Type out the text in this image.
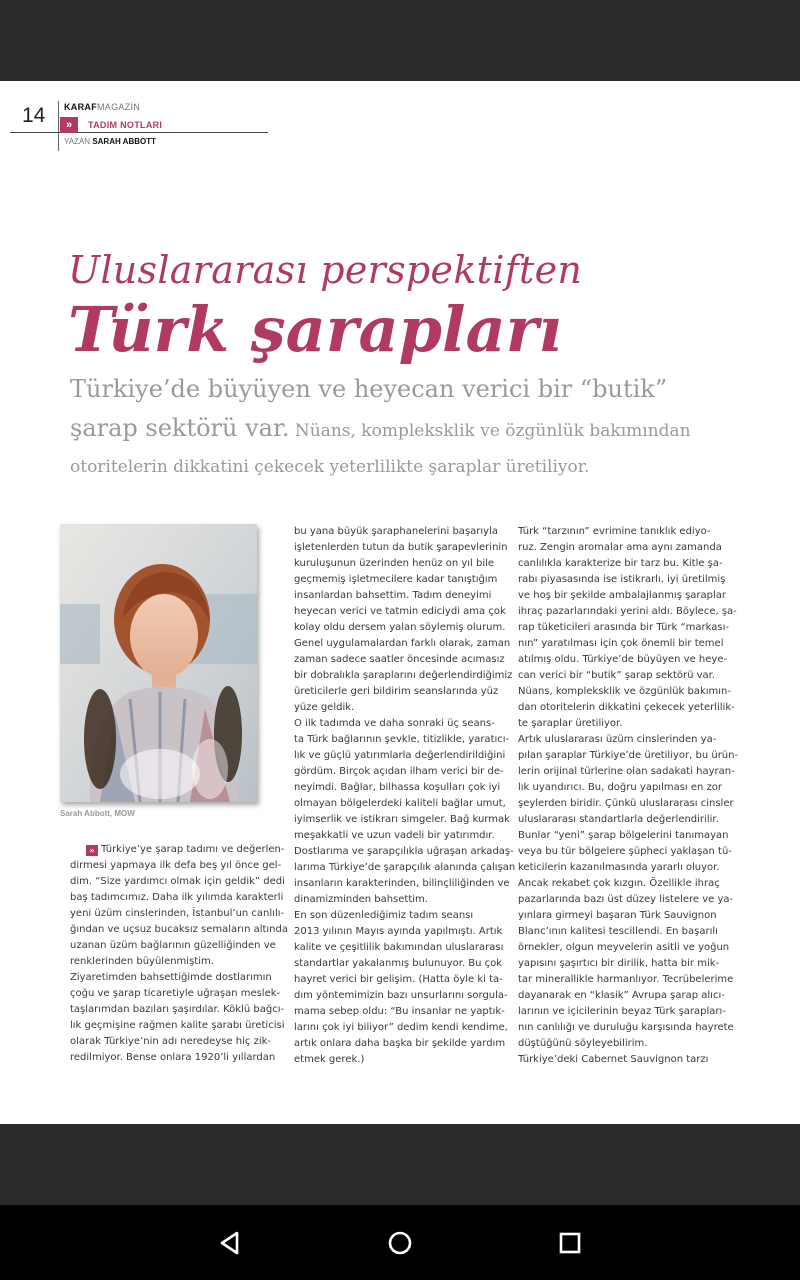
14 KARAFMAGAZİN
»	TADIM NOTLARI
YAZAN SARAH ABBOTT
Uluslararası perspektiften
Türk şarapları
Türkiye’de büyüyen ve heyecan verici bir “butik” şarap sektörü var. Nüans, kompleksklik ve özgünlük bakımından otoritelerin dikkatini çekecek yeterlilikte şaraplar üretiliyor.
Sarah Abbott, MOW
» Türkiye’ye şarap tadımı ve değerlen-
dirmesi yapmaya ilk defa beş yıl önce gel-
dim. “Size yardımcı olmak için geldik” dedi
baş tadımcımız. Daha ilk yılımda karakterli
yeni üzüm cinslerinden, İstanbul’un canlılı-
ğından ve uçsuz bucaksız semaların altında
uzanan üzüm bağlarının güzelliğinden ve
renklerinden büyülenmiştim.
Ziyaretimden bahsettiğimde dostlarımın
çoğu ve şarap ticaretiyle uğraşan meslek-
taşlarımdan bazıları şaşırdılar. Köklü bağcı-
lık geçmişine rağmen kalite şarabı üreticisi
olarak Türkiye’nin adı neredeyse hiç zik-
redilmiyor. Bense onlara 1920’li yıllardan
bu yana büyük şaraphanelerini başarıyla
işletenlerden tutun da butik şarapevlerinin
kuruluşunun üzerinden henüz on yıl bile
geçmemiş işletmecilere kadar tanıştığım
insanlardan bahsettim. Tadım deneyimi
heyecan verici ve tatmin ediciydi ama çok
kolay oldu dersem yalan söylemiş olurum.
Genel uygulamalardan farklı olarak, zaman
zaman sadece saatler öncesinde acımasız
bir dobralıkla şaraplarını değerlendirdiğimiz
üreticilerle geri bildirim seanslarında yüz
yüze geldik.
O ilk tadımda ve daha sonraki üç seans-
ta Türk bağlarının şevkle, titizlikle, yaratıcı-
lık ve güçlü yatırımlarla değerlendirildiğini
gördüm. Birçok açıdan ilham verici bir de-
neyimdi. Bağlar, bilhassa koşulları çok iyi
olmayan bölgelerdeki kaliteli bağlar umut,
iyimserlik ve istikrarı simgeler. Bağ kurmak
meşakkatli ve uzun vadeli bir yatırımdır.
Dostlarıma ve şarapçılıkla uğraşan arkadaş-
larıma Türkiye’de şarapçılık alanında çalışan
insanların karakterinden, bilinçliliğinden ve
dinamizminden bahsettim.
En son düzenlediğimiz tadım seansı
2013 yılının Mayıs ayında yapılmıştı. Artık
kalite ve çeşitlilik bakımından uluslararası
standartlar yakalanmış bulunuyor. Bu çok
hayret verici bir gelişim. (Hatta öyle ki ta-
dım yöntemimizin bazı unsurlarını sorgula-
mama sebep oldu: “Bu insanlar ne yaptık-
larını çok iyi biliyor” dedim kendi kendime,
artık onlara daha başka bir şekilde yardım
etmek gerek.)
Türk “tarzının” evrimine tanıklık ediyo-
ruz. Zengin aromalar ama aynı zamanda
canlılıkla karakterize bir tarz bu. Kitle şa-
rabı piyasasında ise istikrarlı, iyi üretilmiş
ve hoş bir şekilde ambalajlanmış şaraplar
ihraç pazarlarındaki yerini aldı. Böylece, şa-
rap tüketicileri arasında bir Türk “markası-
nın” yaratılması için çok önemli bir temel
atılmış oldu. Türkiye’de büyüyen ve heye-
can verici bir “butik” şarap sektörü var.
Nüans, kompleksklik ve özgünlük bakımın-
dan otoritelerin dikkatini çekecek yeterlilik-
te şaraplar üretiliyor.
Artık uluslararası üzüm cinslerinden ya-
pılan şaraplar Türkiye’de üretiliyor, bu ürün-
lerin orijinal türlerine olan sadakati hayran-
lık uyandırıcı. Bu, doğru yapılması en zor
şeylerden biridir. Çünkü uluslararası cinsler
uluslararası standartlarla değerlendirilir.
Bunlar “yeni” şarap bölgelerini tanımayan
veya bu tür bölgelere şüpheci yaklaşan tü-
keticilerin kazanılmasında yararlı oluyor.
Ancak rekabet çok kızgın. Özellikle ihraç
pazarlarında bazı üst düzey listelere ve ya-
yınlara girmeyi başaran Türk Sauvignon
Blanc’ının kalitesi tescillendi. En başarılı
örnekler, olgun meyvelerin asitli ve yoğun
yapısını şaşırtıcı bir dirilik, hatta bir mik-
tar minerallikle harmanlıyor. Tecrübelerime
dayanarak en “klasik” Avrupa şarap alıcı-
larının ve içicilerinin beyaz Türk şarapları-
nın canlılığı ve duruluğu karşısında hayrete
düştüğünü söyleyebilirim.
Türkiye’deki Cabernet Sauvignon tarzı
